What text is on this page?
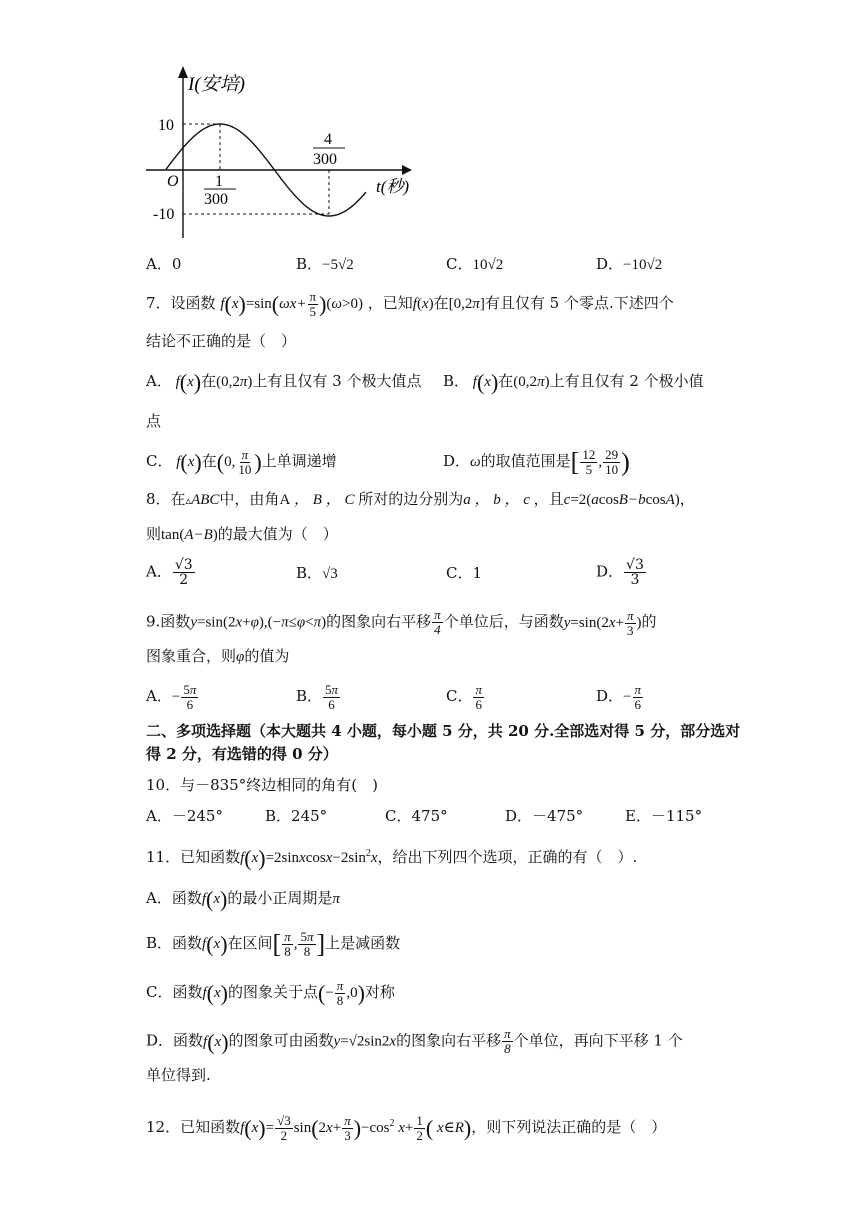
I(安培)
t(秒)
O
10
-10
1
300
4
300
A．0	B．−5√2	C．10√2	D．−10√2
7．设函数 $f(x)=\sin(\omega x+ \frac{\pi}{5} )(\omega>0)$ ，已知f(x)在[0,2π]有且仅有 5 个零点.下述四个
结论不正确的是（　）
A． f(x)在(0,2π)上有且仅有 3 个极大值点 B． f(x)在(0,2π)上有且仅有 2 个极小值
点
C． f(x)在(0, $\frac{\pi}{10}$ )上单调递增	D．ω的取值范围是[ $\frac{12}{5}$ , $\frac{29}{10}$ )
8．在▵ABC中，由角A ， B ， C 所对的边分别为a ， b ， c ，且c=2(acosB−bcosA)，
则tan(A−B)的最大值为（　）
A． $\frac{√3}{2}$	B．√3	C．1	D． $\frac{√3}{3}$
9.函数y=sin(2x+φ),(−π≤φ<π)的图象向右平移 $\frac{\pi}{4}$ 个单位后，与函数$y=\sin(2x+ \frac{\pi}{3}$ )的
图象重合，则φ的值为
A．− $\frac{5\pi}{6}$	B． $\frac{5\pi}{6}$	C． $\frac{\pi}{6}$	D．− $\frac{\pi}{6}$
二、多项选择题（本大题共 4 小题，每小题 5 分，共 20 分.全部选对得 5 分，部分选对
得 2 分，有选错的得 0 分）
10．与－835°终边相同的角有(　)
A．－245°	B．245°	C．475°	D．－475°	E．－115°
11．已知函数$f(x)=2sinxcosx-2\sin^2x$，给出下列四个选项，正确的有（　）.
A．函数f(x)的最小正周期是π
B．函数f(x)在区间[ $\frac{\pi}{8}$ , $\frac{5\pi}{8}$ ]上是减函数
C．函数f(x)的图象关于点(− $\frac{\pi}{8} ,0$)对称
D．函数f(x)的图象可由函数y=√2sin2x的图象向右平移 $\frac{\pi}{8}$ 个单位，再向下平移 1 个
单位得到.
12．已知函数$f(x)= \frac{√3}{2} \sin(2x+ \frac{\pi}{3} )-\cos^2$ $x+ \frac{1}{2}$ ( x∈R)，则下列说法正确的是（　）
